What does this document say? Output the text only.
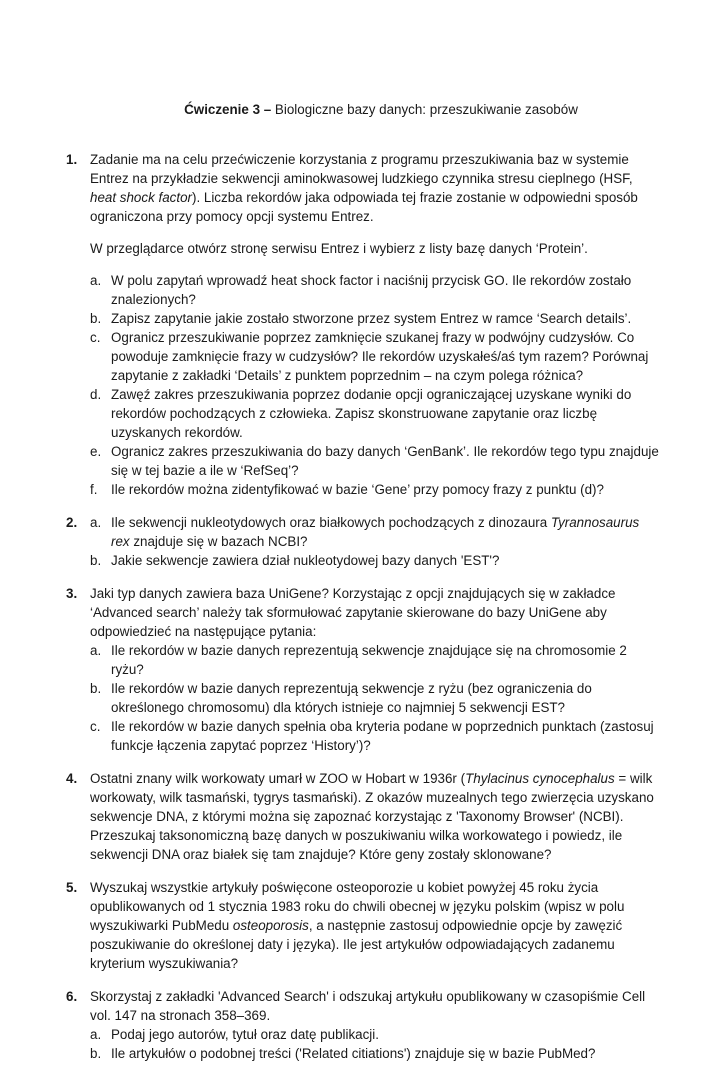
Ćwiczenie 3 – Biologiczne bazy danych: przeszukiwanie zasobów
1. Zadanie ma na celu przećwiczenie korzystania z programu przeszukiwania baz w systemie Entrez na przykładzie sekwencji aminokwasowej ludzkiego czynnika stresu cieplnego (HSF, heat shock factor). Liczba rekordów jaka odpowiada tej frazie zostanie w odpowiedni sposób ograniczona przy pomocy opcji systemu Entrez.

W przeglądarce otwórz stronę serwisu Entrez i wybierz z listy bazę danych ‘Protein’.

a. W polu zapytań wprowadź heat shock factor i naciśnij przycisk GO. Ile rekordów zostało znalezionych?
b. Zapisz zapytanie jakie zostało stworzone przez system Entrez w ramce ‘Search details’.
c. Ogranicz przeszukiwanie poprzez zamknięcie szukanej frazy w podwójny cudzysłów. Co powoduje zamknięcie frazy w cudzysłów? Ile rekordów uzyskałeś/aś tym razem? Porównaj zapytanie z zakładki ‘Details’ z punktem poprzednim – na czym polega różnica?
d. Zawęź zakres przeszukiwania poprzez dodanie opcji ograniczającej uzyskane wyniki do rekordów pochodzących z człowieka. Zapisz skonstruowane zapytanie oraz liczbę uzyskanych rekordów.
e. Ogranicz zakres przeszukiwania do bazy danych ‘GenBank’. Ile rekordów tego typu znajduje się w tej bazie a ile w ‘RefSeq’?
f. Ile rekordów można zidentyfikować w bazie ‘Gene’ przy pomocy frazy z punktu (d)?
2. a. Ile sekwencji nukleotydowych oraz białkowych pochodzących z dinozaura Tyrannosaurus rex znajduje się w bazach NCBI?
b. Jakie sekwencje zawiera dział nukleotydowej bazy danych 'EST'?
3. Jaki typ danych zawiera baza UniGene? Korzystając z opcji znajdujących się w zakładce ‘Advanced search’ należy tak sformułować zapytanie skierowane do bazy UniGene aby odpowiedzieć na następujące pytania:

a. Ile rekordów w bazie danych reprezentują sekwencje znajdujące się na chromosomie 2 ryżu?
b. Ile rekordów w bazie danych reprezentują sekwencje z ryżu (bez ograniczenia do określonego chromosomu) dla których istnieje co najmniej 5 sekwencji EST?
c. Ile rekordów w bazie danych spełnia oba kryteria podane w poprzednich punktach (zastosuj funkcje łączenia zapytać poprzez ‘History’)?
4. Ostatni znany wilk workowaty umarł w ZOO w Hobart w 1936r (Thylacinus cynocephalus = wilk workowaty, wilk tasmański, tygrys tasmański). Z okazów muzealnych tego zwierzęcia uzyskano sekwencje DNA, z którymi można się zapoznać korzystając z 'Taxonomy Browser' (NCBI). Przeszukaj taksonomiczną bazę danych w poszukiwaniu wilka workowatego i powiedz, ile sekwencji DNA oraz białek się tam znajduje? Które geny zostały sklonowane?

5. Wyszukaj wszystkie artykuły poświęcone osteoporozie u kobiet powyżej 45 roku życia opublikowanych od 1 stycznia 1983 roku do chwili obecnej w języku polskim (wpisz w polu wyszukiwarki PubMedu osteoporosis, a następnie zastosuj odpowiednie opcje by zawęzić poszukiwanie do określonej daty i języka). Ile jest artykułów odpowiadających zadanemu kryterium wyszukiwania?

6. Skorzystaj z zakładki 'Advanced Search' i odszukaj artykułu opublikowany w czasopiśmie Cell vol. 147 na stronach 358–369.

a. Podaj jego autorów, tytuł oraz datę publikacji.
b. Ile artykułów o podobnej treści ('Related citiations') znajduje się w bazie PubMed?
